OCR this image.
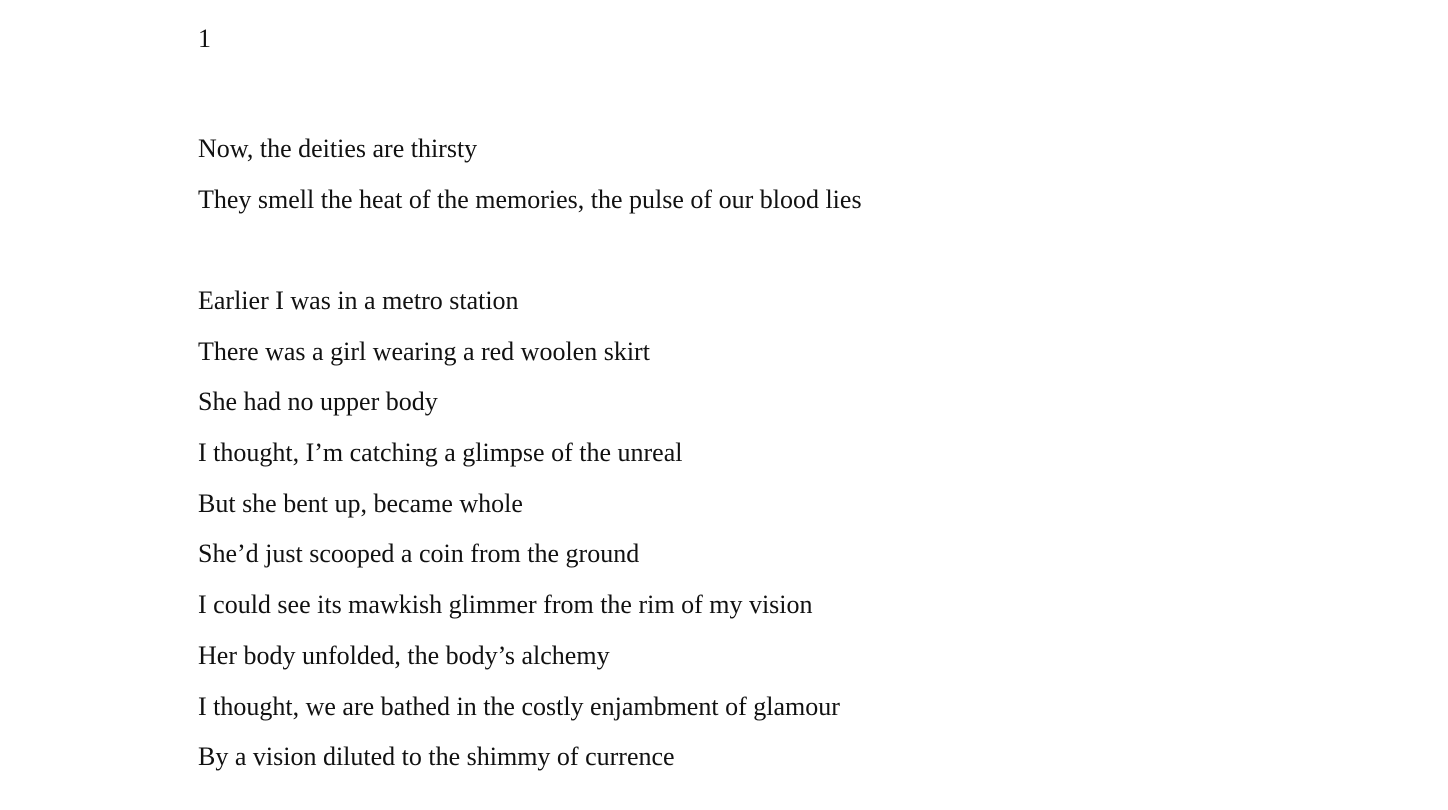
1

Now, the deities are thirsty

They smell the heat of the memories, the pulse of our blood lies

Earlier I was in a metro station

There was a girl wearing a red woolen skirt

She had no upper body

I thought, I’m catching a glimpse of the unreal

But she bent up, became whole

She’d just scooped a coin from the ground

I could see its mawkish glimmer from the rim of my vision

Her body unfolded, the body’s alchemy

I thought, we are bathed in the costly enjambment of glamour

By a vision diluted to the shimmy of currence
